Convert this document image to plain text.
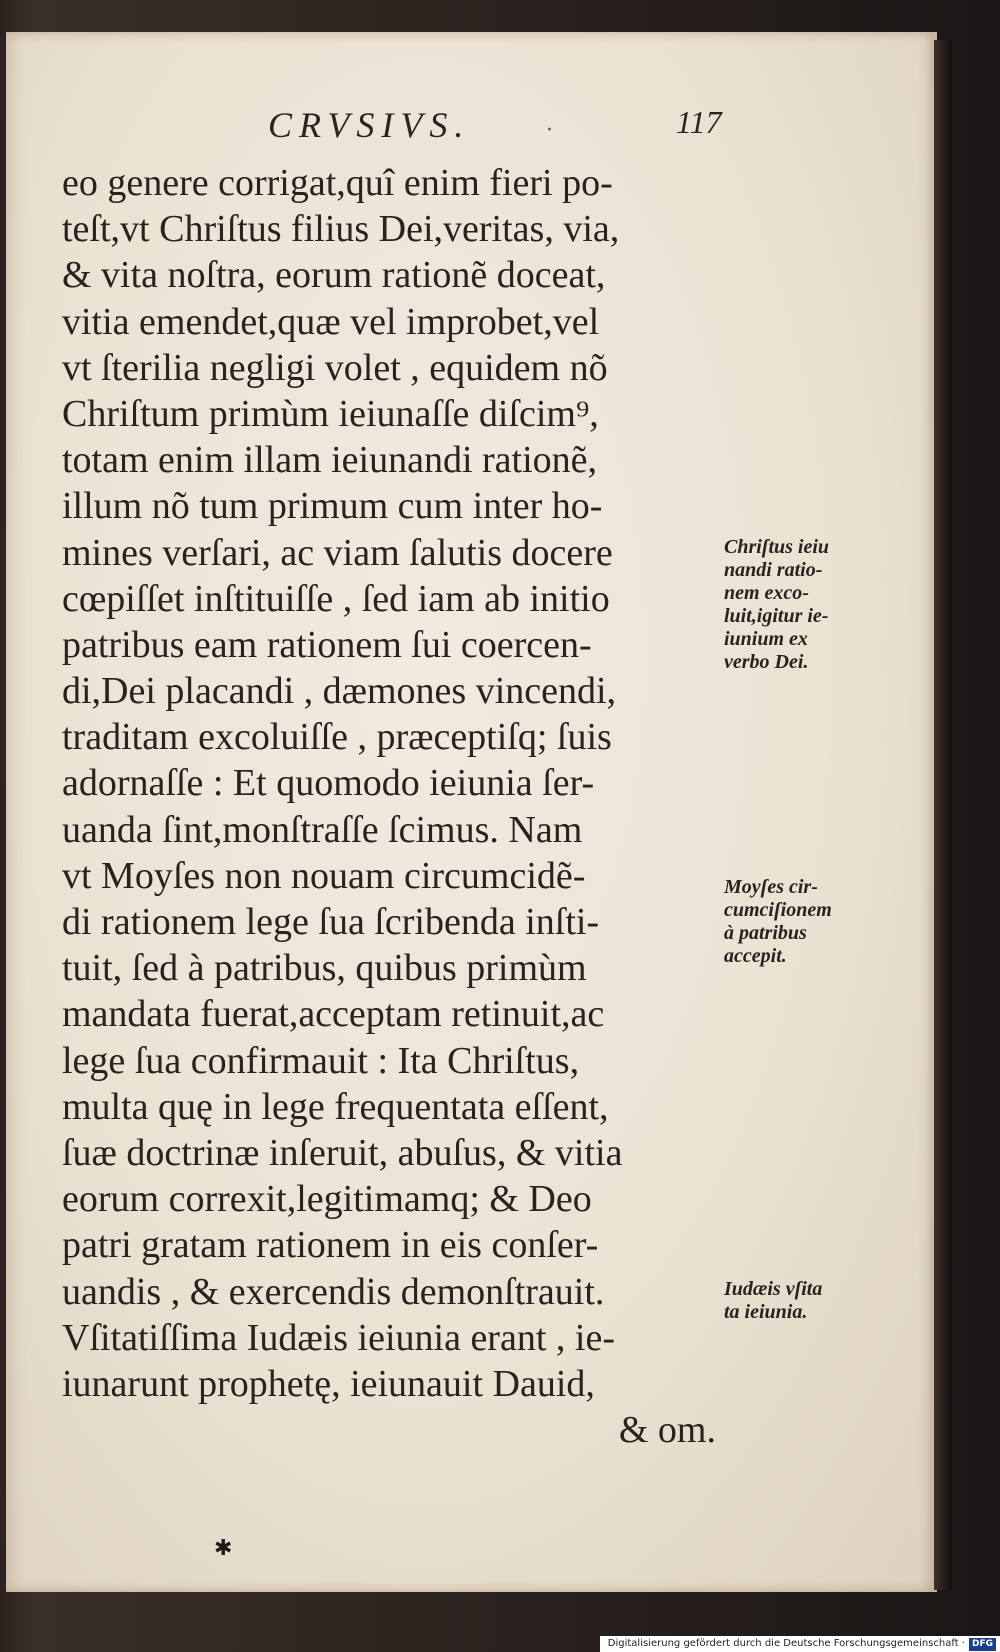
CRVSIVS.	·	117
eo genere corrigat,quî enim fieri po-
teſt,vt Chriſtus filius Dei,veritas, via,
& vita noſtra, eorum rationẽ doceat,
vitia emendet,quæ vel improbet,vel
vt ſterilia negligi volet , equidem nõ
Chriſtum primùm ieiunaſſe diſcim⁹,
totam enim illam ieiunandi rationẽ,
illum nõ tum primum cum inter ho-
mines verſari, ac viam ſalutis docere
cœpiſſet inſtituiſſe , ſed iam ab initio
patribus eam rationem ſui coercen-
di,Dei placandi , dæmones vincendi,
traditam excoluiſſe , præceptiſq; ſuis
adornaſſe : Et quomodo ieiunia ſer-
uanda ſint,monſtraſſe ſcimus. Nam
vt Moyſes non nouam circumcidẽ-
di rationem lege ſua ſcribenda inſti-
tuit, ſed à patribus, quibus primùm
mandata fuerat,acceptam retinuit,ac
lege ſua confirmauit : Ita Chriſtus,
multa quę in lege frequentata eſſent,
ſuæ doctrinæ inſeruit, abuſus, & vitia
eorum correxit,legitimamq; & Deo
patri gratam rationem in eis conſer-
uandis , & exercendis demonſtrauit.
Vſitatiſſima Iudæis ieiunia erant , ie-
iunarunt prophetę, ieiunauit Dauid,
& om.
Chriſtus ieiu
nandi ratio-
nem exco-
luit,igitur ie-
iunium ex
verbo Dei.
Moyſes cir-
cumciſionem
à patribus
accepit.
Iudæis vſita
ta ieiunia.
✱
Digitalisierung gefördert durch die Deutsche Forschungsgemeinschaft · DFG
